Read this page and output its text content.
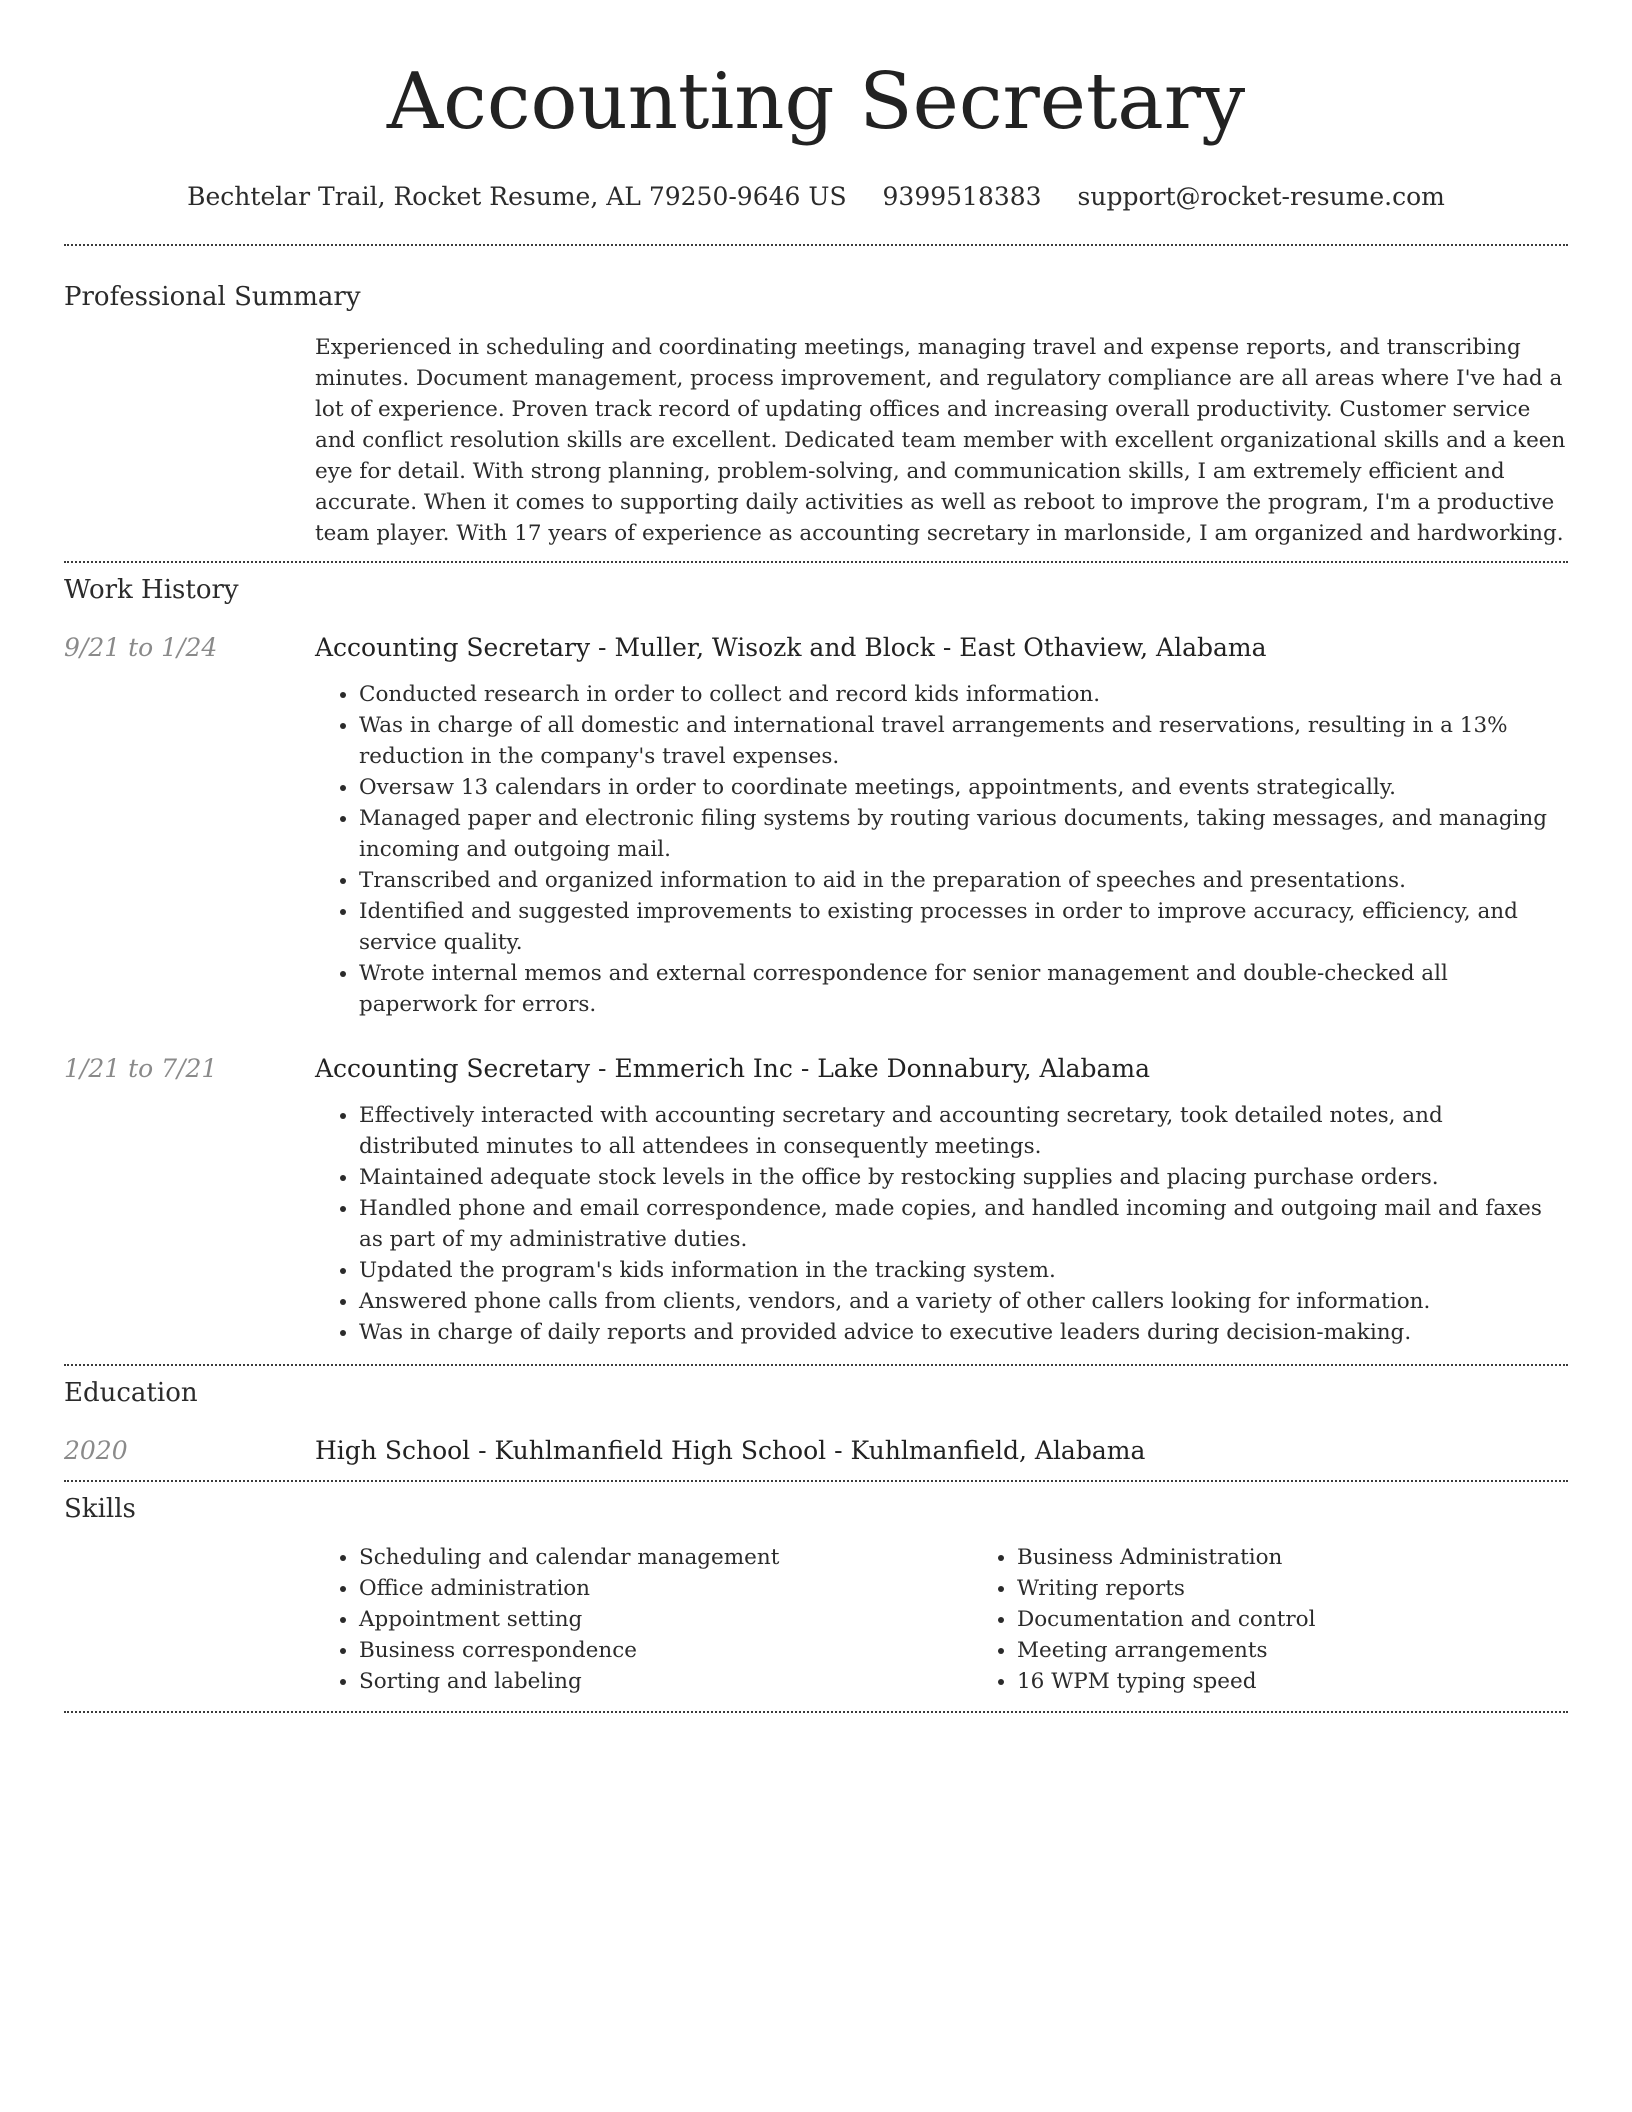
Accounting Secretary
Bechtelar Trail, Rocket Resume, AL 79250-9646 US 9399518383 support@rocket-resume.com
Professional Summary

Experienced in scheduling and coordinating meetings, managing travel and expense reports, and transcribing minutes. Document management, process improvement, and regulatory compliance are all areas where I've had a lot of experience. Proven track record of updating offices and increasing overall productivity. Customer service and conflict resolution skills are excellent. Dedicated team member with excellent organizational skills and a keen eye for detail. With strong planning, problem-solving, and communication skills, I am extremely efficient and accurate. When it comes to supporting daily activities as well as reboot to improve the program, I'm a productive team player. With 17 years of experience as accounting secretary in marlonside, I am organized and hardworking.

Work History
9/21 to 1/24	Accounting Secretary - Muller, Wisozk and Block - East Othaview, Alabama

• Conducted research in order to collect and record kids information.
• Was in charge of all domestic and international travel arrangements and reservations, resulting in a 13% reduction in the company's travel expenses.
• Oversaw 13 calendars in order to coordinate meetings, appointments, and events strategically.
• Managed paper and electronic filing systems by routing various documents, taking messages, and managing incoming and outgoing mail.
• Transcribed and organized information to aid in the preparation of speeches and presentations.
• Identified and suggested improvements to existing processes in order to improve accuracy, efficiency, and service quality.
• Wrote internal memos and external correspondence for senior management and double-checked all paperwork for errors.
1/21 to 7/21	Accounting Secretary - Emmerich Inc - Lake Donnabury, Alabama

• Effectively interacted with accounting secretary and accounting secretary, took detailed notes, and distributed minutes to all attendees in consequently meetings.
• Maintained adequate stock levels in the office by restocking supplies and placing purchase orders.
• Handled phone and email correspondence, made copies, and handled incoming and outgoing mail and faxes as part of my administrative duties.
• Updated the program's kids information in the tracking system.
• Answered phone calls from clients, vendors, and a variety of other callers looking for information.
• Was in charge of daily reports and provided advice to executive leaders during decision-making.
Education
2020	High School - Kuhlmanfield High School - Kuhlmanfield, Alabama

Skills
• Scheduling and calendar management
• Office administration
• Appointment setting
• Business correspondence
• Sorting and labeling
• Business Administration
• Writing reports
• Documentation and control
• Meeting arrangements
• 16 WPM typing speed
